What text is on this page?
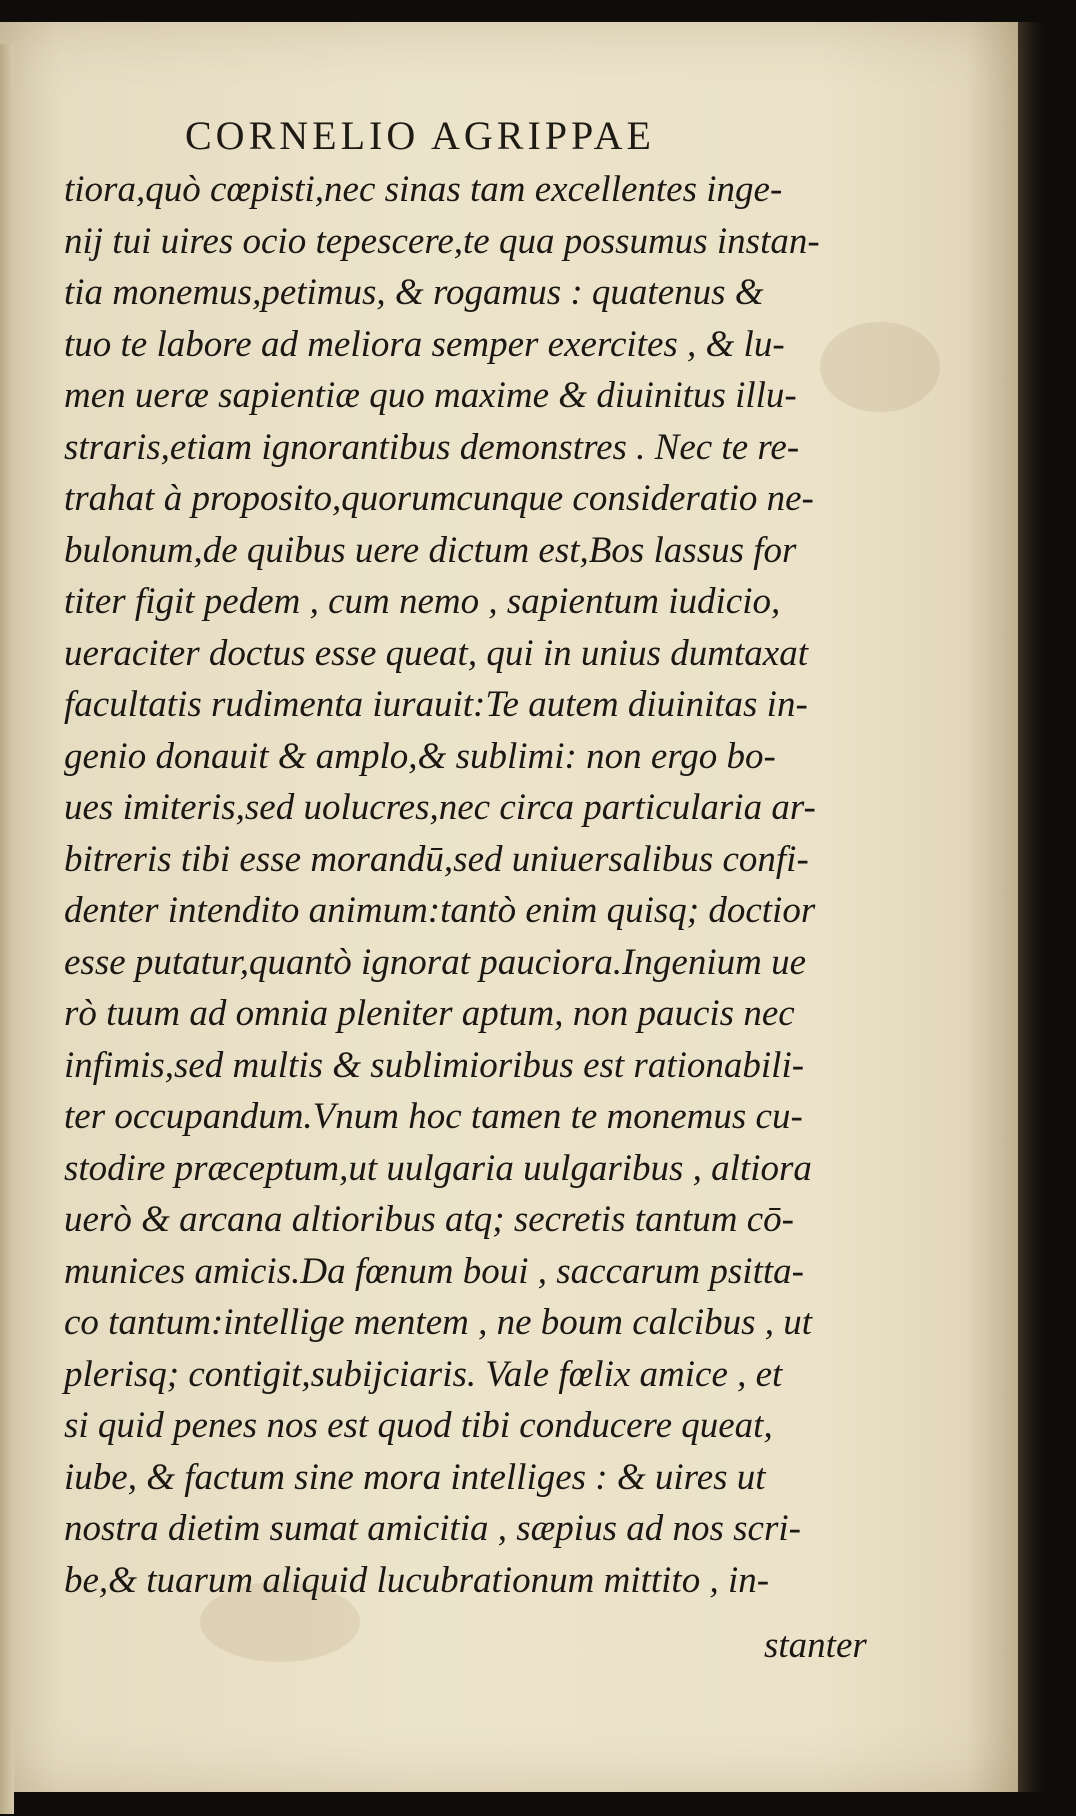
CORNELIO AGRIPPAE
tiora,quò cœpisti,nec sinas tam excellentes inge-
nij tui uires ocio tepescere,te qua possumus instan-
tia monemus,petimus, & rogamus : quatenus &
tuo te labore ad meliora semper exercites , & lu-
men ueræ sapientiæ quo maxime & diuinitus illu-
straris,etiam ignorantibus demonstres . Nec te re-
trahat à proposito,quorumcunque consideratio ne-
bulonum,de quibus uere dictum est,Bos lassus for
titer figit pedem , cum nemo , sapientum iudicio,
ueraciter doctus esse queat, qui in unius dumtaxat
facultatis rudimenta iurauit:Te autem diuinitas in-
genio donauit & amplo,& sublimi: non ergo bo-
ues imiteris,sed uolucres,nec circa particularia ar-
bitreris tibi esse morandū,sed uniuersalibus confi-
denter intendito animum:tantò enim quisq; doctior
esse putatur,quantò ignorat pauciora.Ingenium ue
rò tuum ad omnia pleniter aptum, non paucis nec
infimis,sed multis & sublimioribus est rationabili-
ter occupandum.Vnum hoc tamen te monemus cu-
stodire præceptum,ut uulgaria uulgaribus , altiora
uerò & arcana altioribus atq; secretis tantum cō-
munices amicis.Da fœnum boui , saccarum psitta-
co tantum:intellige mentem , ne boum calcibus , ut
plerisq; contigit,subijciaris. Vale fœlix amice , et
si quid penes nos est quod tibi conducere queat,
iube, & factum sine mora intelliges : & uires ut
nostra dietim sumat amicitia , sæpius ad nos scri-
be,& tuarum aliquid lucubrationum mittito , in-
stanter
